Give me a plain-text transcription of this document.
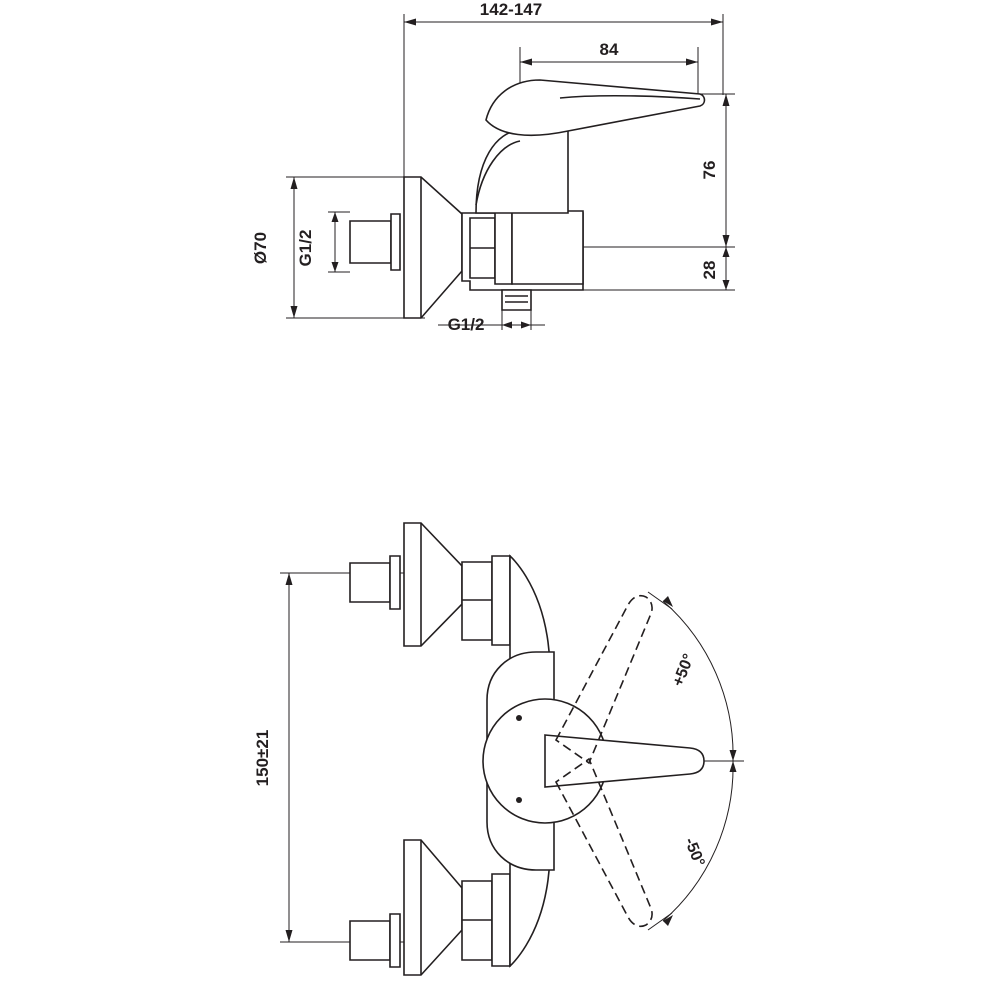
142-147
84
76
28
Ø70 G1/2
G1/2
150±21
+50°
-50°
